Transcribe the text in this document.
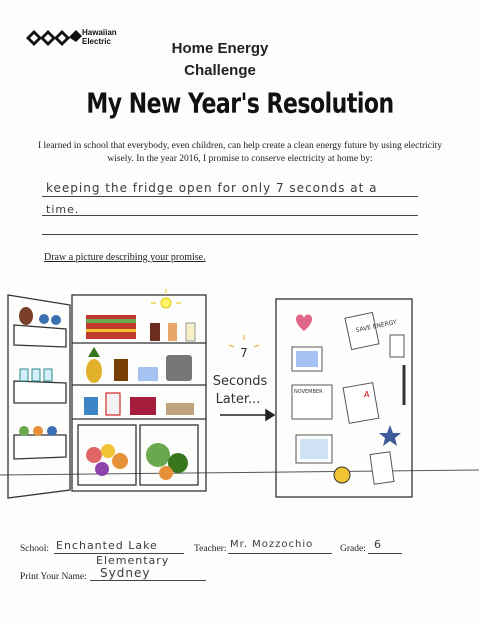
Hawaiian
Electric	Home Energy
Challenge
My New Year's Resolution
I learned in school that everybody, even children, can help create a clean energy future by using electricity wisely. In the year 2016, I promise to conserve electricity at home by:
keeping the fridge open for only 7 seconds at a
time.
Draw a picture describing your promise.
7
Seconds
Later...
SAVE ENERGY
NOVEMBER	A
School: Enchanted Lake
Elementary
Teacher: Mr. Mozzochio	Grade: 6
Print Your Name: Sydney
